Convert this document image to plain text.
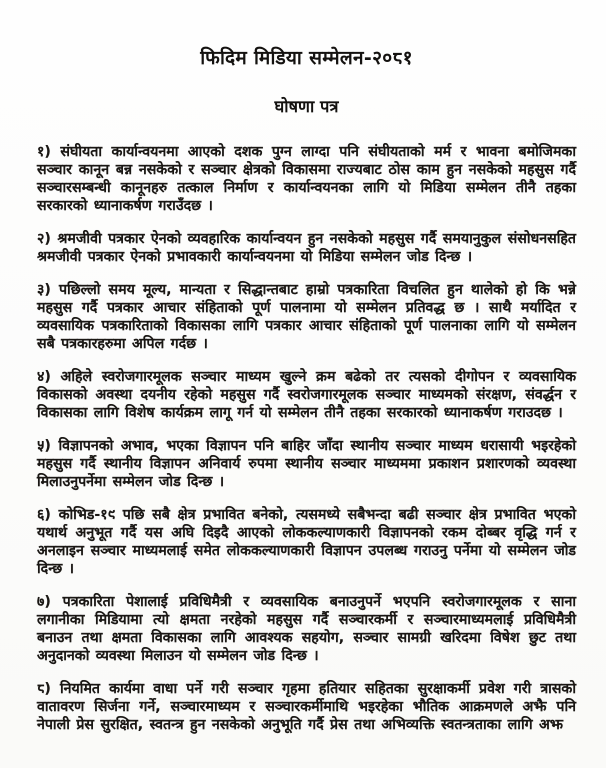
फिदिम मिडिया सम्मेलन-२०८१
घोषणा पत्र

१) संघीयता कार्यान्वयनमा आएको दशक पुग्न लाग्दा पनि संघीयताको मर्म र भावना बमोजिमका सञ्चार कानून बन्न नसकेको र सञ्चार क्षेत्रको विकासमा राज्यबाट ठोस काम हुन नसकेको महसुस गर्दै सञ्चारसम्बन्धी कानूनहरु तत्काल निर्माण र कार्यान्वयनका लागि यो मिडिया सम्मेलन तीनै तहका सरकारको ध्यानाकर्षण गराउँदछ ।

२) श्रमजीवी पत्रकार ऐनको व्यवहारिक कार्यान्वयन हुन नसकेको महसुस गर्दै समयानुकुल संसोधनसहित श्रमजीवी पत्रकार ऐनको प्रभावकारी कार्यान्वयनमा यो मिडिया सम्मेलन जोड दिन्छ ।

३) पछिल्लो समय मूल्य, मान्यता र सिद्धान्तबाट हाम्रो पत्रकारिता विचलित हुन थालेको हो कि भन्ने महसुस गर्दै पत्रकार आचार संहिताको पूर्ण पालनामा यो सम्मेलन प्रतिवद्ध छ । साथै मर्यादित र व्यवसायिक पत्रकारिताको विकासका लागि पत्रकार आचार संहिताको पूर्ण पालनाका लागि यो सम्मेलन सबै पत्रकारहरुमा अपिल गर्दछ ।

४) अहिले स्वरोजगारमूलक सञ्चार माध्यम खुल्ने क्रम बढेको तर त्यसको दीगोपन र व्यवसायिक विकासको अवस्था दयनीय रहेको महसुस गर्दै स्वरोजगारमूलक सञ्चार माध्यमको संरक्षण, संवर्द्धन र विकासका लागि विशेष कार्यक्रम लागू गर्न यो सम्मेलन तीनै तहका सरकारको ध्यानाकर्षण गराउदछ ।

५) विज्ञापनको अभाव, भएका विज्ञापन पनि बाहिर जाँदा स्थानीय सञ्चार माध्यम धरासायी भइरहेको महसुस गर्दै स्थानीय विज्ञापन अनिवार्य रुपमा स्थानीय सञ्चार माध्यममा प्रकाशन प्रशारणको व्यवस्था मिलाउनुपर्नेमा सम्मेलन जोड दिन्छ ।

६) कोभिड-१९ पछि सबै क्षेत्र प्रभावित बनेको, त्यसमध्ये सबैभन्दा बढी सञ्चार क्षेत्र प्रभावित भएको यथार्थ अनुभूत गर्दै यस अघि दिइदै आएको लोककल्याणकारी विज्ञापनको रकम दोब्बर वृद्धि गर्न र अनलाइन सञ्चार माध्यमलाई समेत लोककल्याणकारी विज्ञापन उपलब्ध गराउनु पर्नेमा यो सम्मेलन जोड दिन्छ ।

७) पत्रकारिता पेशालाई प्रविधिमैत्री र व्यवसायिक बनाउनुपर्ने भएपनि स्वरोजगारमूलक र साना लगानीका मिडियामा त्यो क्षमता नरहेको महसुस गर्दै सञ्चारकर्मी र सञ्चारमाध्यमलाई प्रविधिमैत्री बनाउन तथा क्षमता विकासका लागि आवश्यक सहयोग, सञ्चार सामग्री खरिदमा विषेश छुट तथा अनुदानको व्यवस्था मिलाउन यो सम्मेलन जोड दिन्छ ।

८) नियमित कार्यमा वाधा पर्ने गरी सञ्चार गृहमा हतियार सहितका सुरक्षाकर्मी प्रवेश गरी त्रासको वातावरण सिर्जना गर्ने, सञ्चारमाध्यम र सञ्चारकर्मीमाथि भइरहेका भौतिक आक्रमणले अझै पनि नेपाली प्रेस सुरक्षित, स्वतन्त्र हुन नसकेको अनुभूति गर्दै प्रेस तथा अभिव्यक्ति स्वतन्त्रताका लागि अझ
